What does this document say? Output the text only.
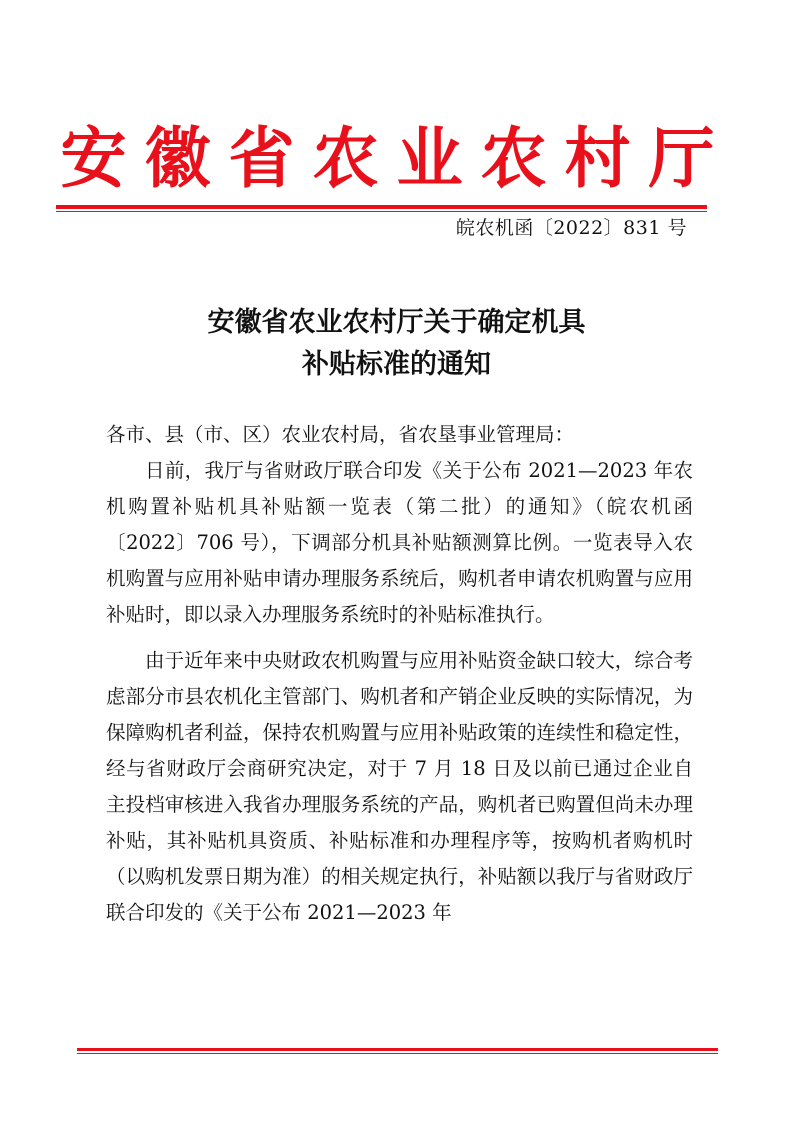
安徽省农业农村厅
皖农机函〔2022〕831 号
安徽省农业农村厅关于确定机具
补贴标准的通知

各市、县（市、区）农业农村局，省农垦事业管理局：

日前，我厅与省财政厅联合印发《关于公布 2021—2023 年农机购置补贴机具补贴额一览表（第二批）的通知》（皖农机函〔2022〕706 号），下调部分机具补贴额测算比例。一览表导入农机购置与应用补贴申请办理服务系统后，购机者申请农机购置与应用补贴时，即以录入办理服务系统时的补贴标准执行。

由于近年来中央财政农机购置与应用补贴资金缺口较大，综合考虑部分市县农机化主管部门、购机者和产销企业反映的实际情况，为保障购机者利益，保持农机购置与应用补贴政策的连续性和稳定性，经与省财政厅会商研究决定，对于 7 月 18 日及以前已通过企业自主投档审核进入我省办理服务系统的产品，购机者已购置但尚未办理补贴，其补贴机具资质、补贴标准和办理程序等，按购机者购机时（以购机发票日期为准）的相关规定执行，补贴额以我厅与省财政厅联合印发的《关于公布 2021—2023 年
